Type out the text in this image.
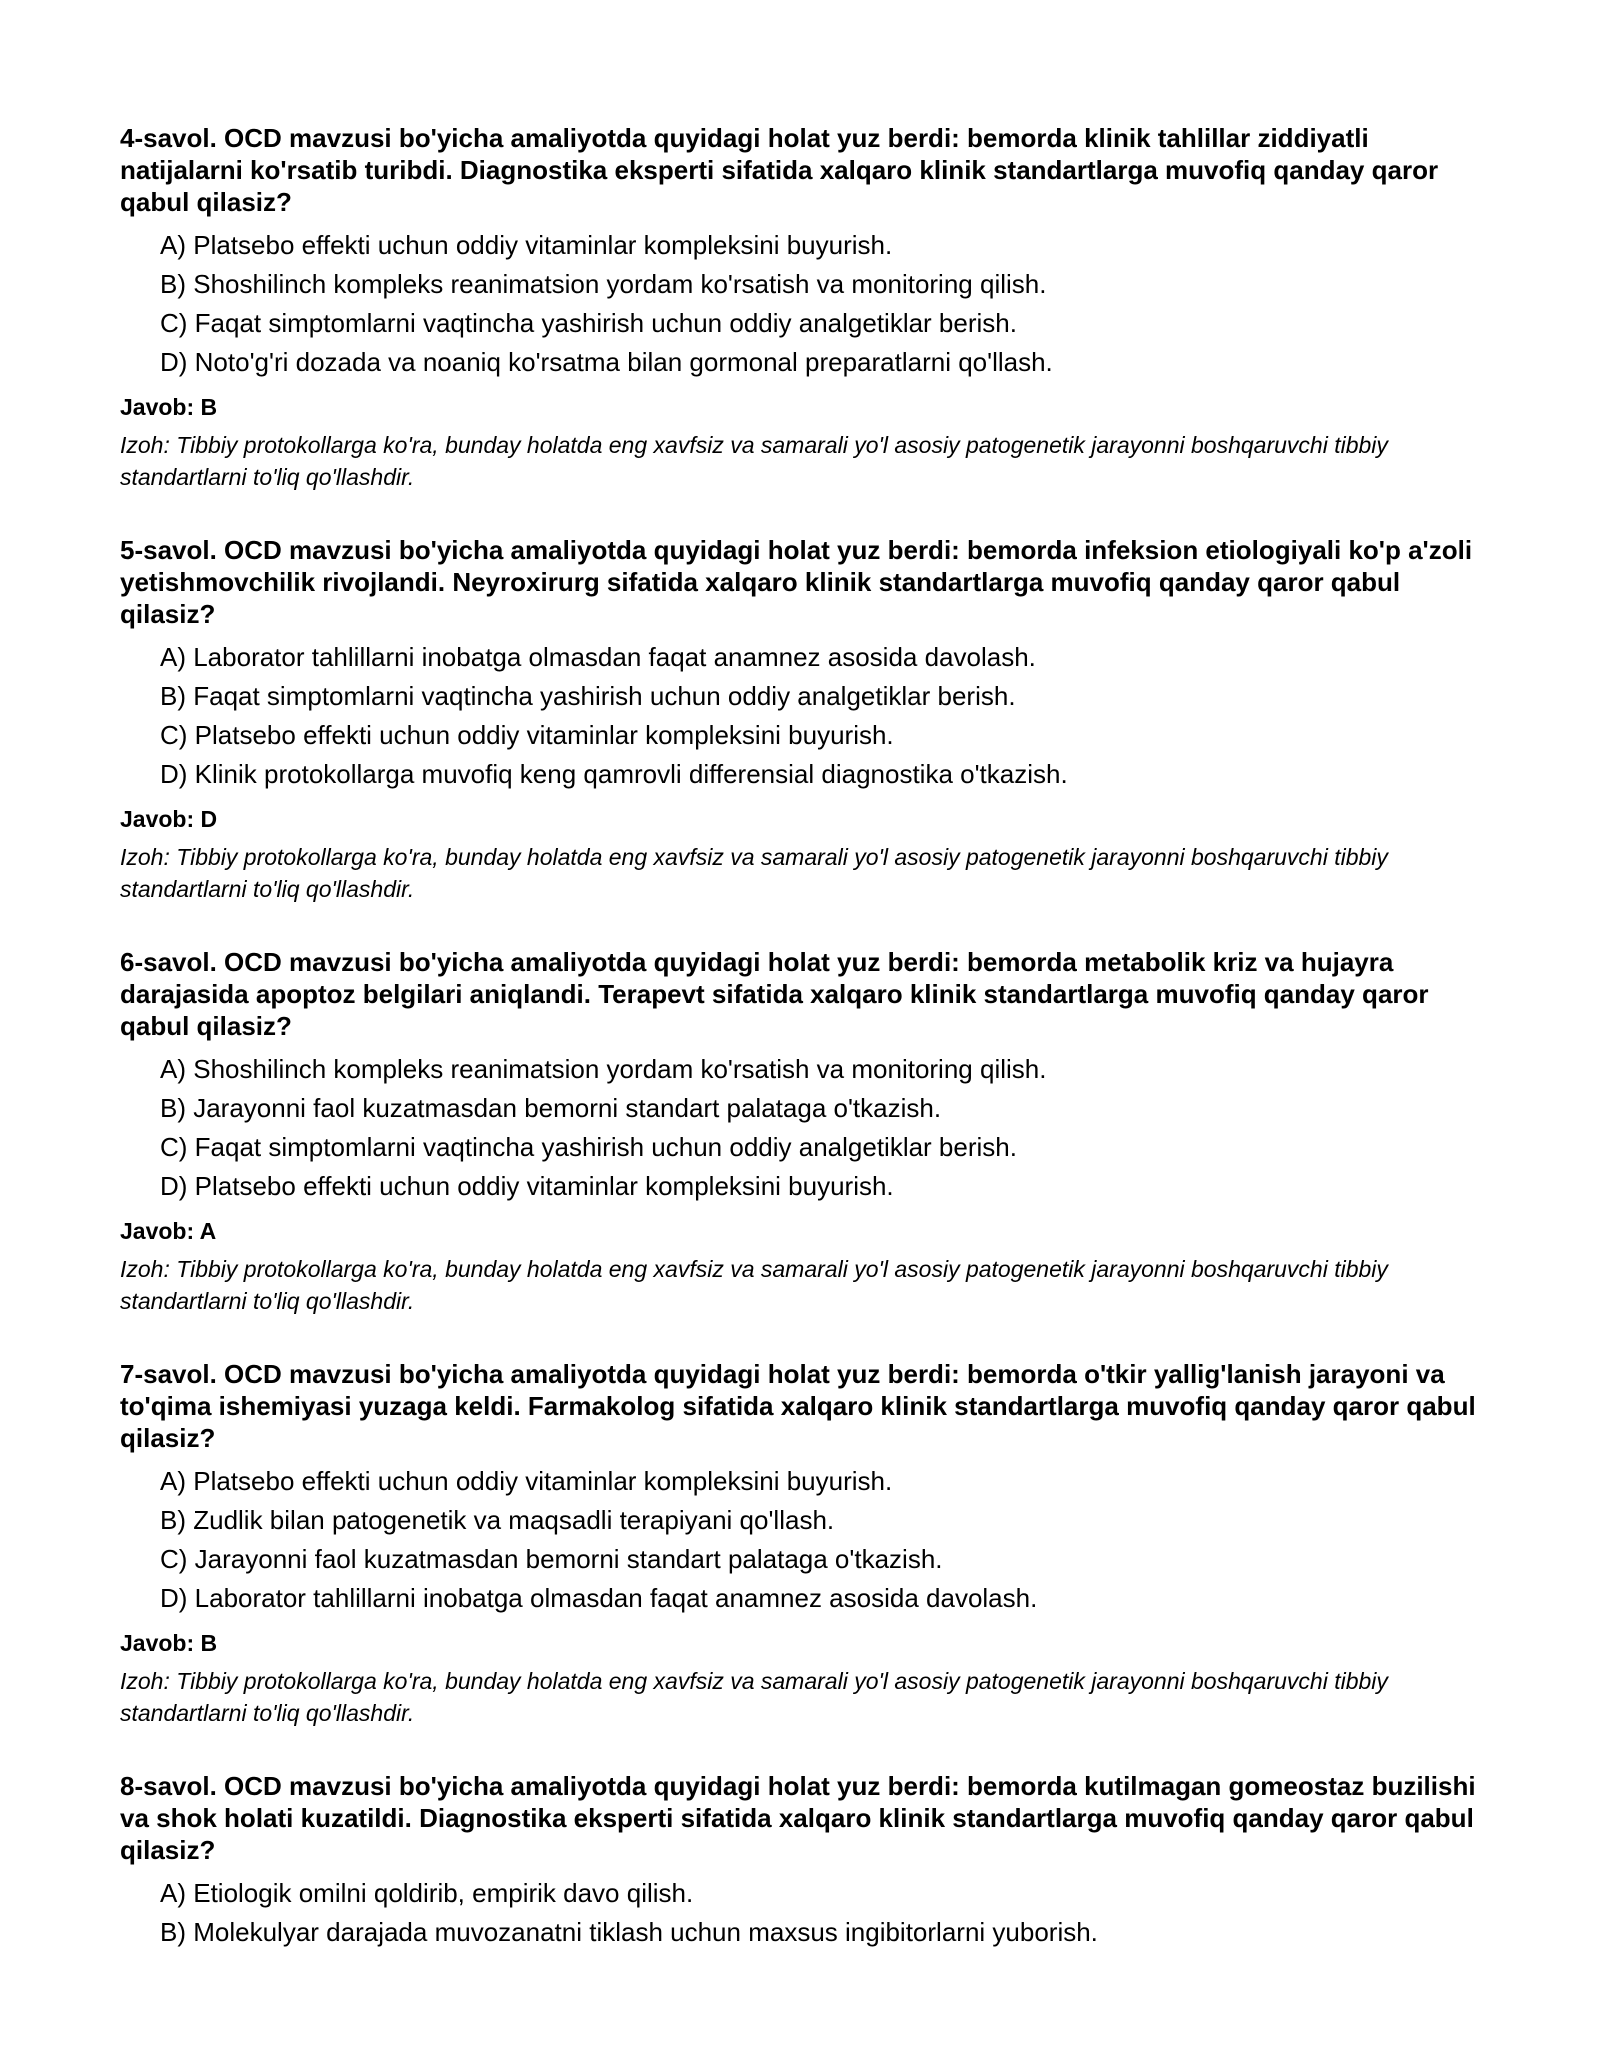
4-savol. OCD mavzusi bo'yicha amaliyotda quyidagi holat yuz berdi: bemorda klinik tahlillar ziddiyatli natijalarni ko'rsatib turibdi. Diagnostika eksperti sifatida xalqaro klinik standartlarga muvofiq qanday qaror qabul qilasiz?

A) Platsebo effekti uchun oddiy vitaminlar kompleksini buyurish.
B) Shoshilinch kompleks reanimatsion yordam ko'rsatish va monitoring qilish.
C) Faqat simptomlarni vaqtincha yashirish uchun oddiy analgetiklar berish.
D) Noto'g'ri dozada va noaniq ko'rsatma bilan gormonal preparatlarni qo'llash.

Javob: B

Izoh: Tibbiy protokollarga ko'ra, bunday holatda eng xavfsiz va samarali yo'l asosiy patogenetik jarayonni boshqaruvchi tibbiy standartlarni to'liq qo'llashdir.

5-savol. OCD mavzusi bo'yicha amaliyotda quyidagi holat yuz berdi: bemorda infeksion etiologiyali ko'p a'zoli yetishmovchilik rivojlandi. Neyroxirurg sifatida xalqaro klinik standartlarga muvofiq qanday qaror qabul qilasiz?

A) Laborator tahlillarni inobatga olmasdan faqat anamnez asosida davolash.
B) Faqat simptomlarni vaqtincha yashirish uchun oddiy analgetiklar berish.
C) Platsebo effekti uchun oddiy vitaminlar kompleksini buyurish.
D) Klinik protokollarga muvofiq keng qamrovli differensial diagnostika o'tkazish.

Javob: D

Izoh: Tibbiy protokollarga ko'ra, bunday holatda eng xavfsiz va samarali yo'l asosiy patogenetik jarayonni boshqaruvchi tibbiy standartlarni to'liq qo'llashdir.

6-savol. OCD mavzusi bo'yicha amaliyotda quyidagi holat yuz berdi: bemorda metabolik kriz va hujayra darajasida apoptoz belgilari aniqlandi. Terapevt sifatida xalqaro klinik standartlarga muvofiq qanday qaror qabul qilasiz?

A) Shoshilinch kompleks reanimatsion yordam ko'rsatish va monitoring qilish.
B) Jarayonni faol kuzatmasdan bemorni standart palataga o'tkazish.
C) Faqat simptomlarni vaqtincha yashirish uchun oddiy analgetiklar berish.
D) Platsebo effekti uchun oddiy vitaminlar kompleksini buyurish.

Javob: A

Izoh: Tibbiy protokollarga ko'ra, bunday holatda eng xavfsiz va samarali yo'l asosiy patogenetik jarayonni boshqaruvchi tibbiy standartlarni to'liq qo'llashdir.

7-savol. OCD mavzusi bo'yicha amaliyotda quyidagi holat yuz berdi: bemorda o'tkir yallig'lanish jarayoni va to'qima ishemiyasi yuzaga keldi. Farmakolog sifatida xalqaro klinik standartlarga muvofiq qanday qaror qabul qilasiz?

A) Platsebo effekti uchun oddiy vitaminlar kompleksini buyurish.
B) Zudlik bilan patogenetik va maqsadli terapiyani qo'llash.
C) Jarayonni faol kuzatmasdan bemorni standart palataga o'tkazish.
D) Laborator tahlillarni inobatga olmasdan faqat anamnez asosida davolash.

Javob: B

Izoh: Tibbiy protokollarga ko'ra, bunday holatda eng xavfsiz va samarali yo'l asosiy patogenetik jarayonni boshqaruvchi tibbiy standartlarni to'liq qo'llashdir.

8-savol. OCD mavzusi bo'yicha amaliyotda quyidagi holat yuz berdi: bemorda kutilmagan gomeostaz buzilishi va shok holati kuzatildi. Diagnostika eksperti sifatida xalqaro klinik standartlarga muvofiq qanday qaror qabul qilasiz?

A) Etiologik omilni qoldirib, empirik davo qilish.
B) Molekulyar darajada muvozanatni tiklash uchun maxsus ingibitorlarni yuborish.
